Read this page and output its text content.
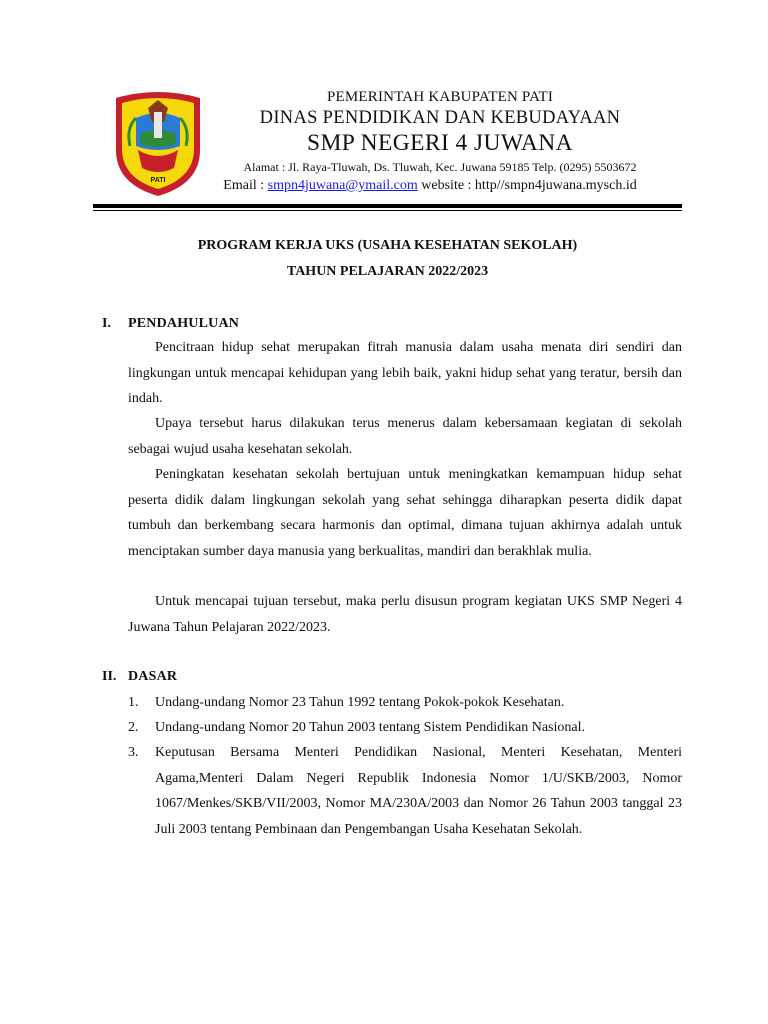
PATI
PEMERINTAH KABUPATEN PATI
DINAS PENDIDIKAN DAN KEBUDAYAAN
SMP NEGERI 4 JUWANA
Alamat : Jl. Raya-Tluwah, Ds. Tluwah, Kec. Juwana 59185 Telp. (0295) 5503672
Email : smpn4juwana@ymail.com website : http//smpn4juwana.mysch.id
PROGRAM KERJA UKS (USAHA KESEHATAN SEKOLAH)
TAHUN PELAJARAN 2022/2023
I. PENDAHULUAN

Pencitraan hidup sehat merupakan fitrah manusia dalam usaha menata diri sendiri dan lingkungan untuk mencapai kehidupan yang lebih baik, yakni hidup sehat yang teratur, bersih dan indah.

Upaya tersebut harus dilakukan terus menerus dalam kebersamaan kegiatan di sekolah sebagai wujud usaha kesehatan sekolah.

Peningkatan kesehatan sekolah bertujuan untuk meningkatkan kemampuan hidup sehat peserta didik dalam lingkungan sekolah yang sehat sehingga diharapkan peserta didik dapat tumbuh dan berkembang secara harmonis dan optimal, dimana tujuan akhirnya adalah untuk menciptakan sumber daya manusia yang berkualitas, mandiri dan berakhlak mulia.

Untuk mencapai tujuan tersebut, maka perlu disusun program kegiatan UKS SMP Negeri 4 Juwana Tahun Pelajaran 2022/2023.

II. DASAR
1. Undang-undang Nomor 23 Tahun 1992 tentang Pokok-pokok Kesehatan.

2. Undang-undang Nomor 20 Tahun 2003 tentang Sistem Pendidikan Nasional.

3. Keputusan Bersama Menteri Pendidikan Nasional, Menteri Kesehatan, Menteri Agama,Menteri Dalam Negeri Republik Indonesia Nomor 1/U/SKB/2003, Nomor 1067/Menkes/SKB/VII/2003, Nomor MA/230A/2003 dan Nomor 26 Tahun 2003 tanggal 23 Juli 2003 tentang Pembinaan dan Pengembangan Usaha Kesehatan Sekolah.
